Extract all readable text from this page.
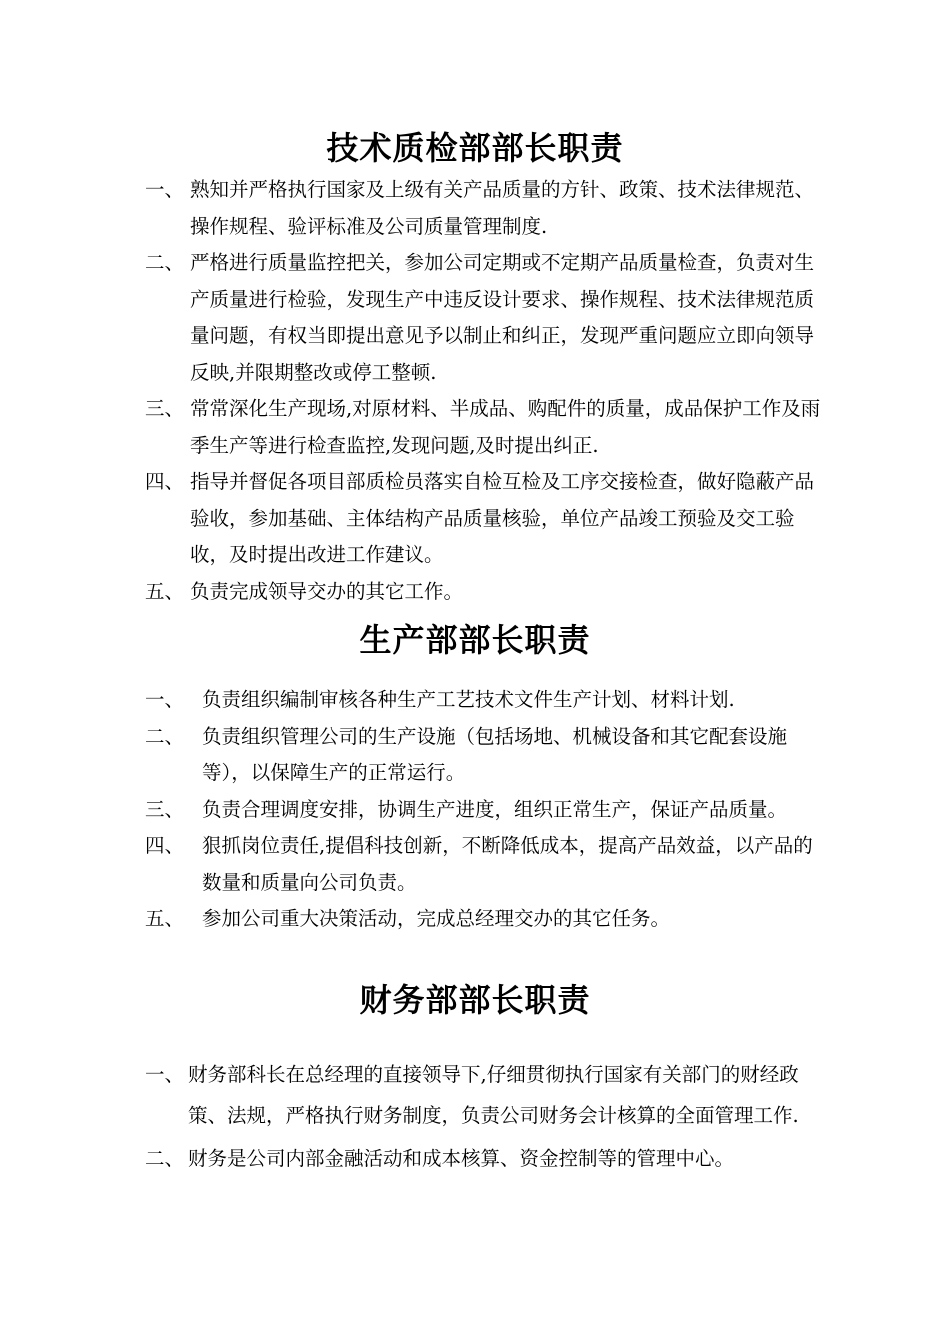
技术质检部部长职责
一、 熟知并严格执行国家及上级有关产品质量的方针、政策、技术法律规范、操作规程、验评标准及公司质量管理制度.
二、 严格进行质量监控把关，参加公司定期或不定期产品质量检查，负责对生产质量进行检验，发现生产中违反设计要求、操作规程、技术法律规范质量问题，有权当即提出意见予以制止和纠正，发现严重问题应立即向领导反映,并限期整改或停工整顿.
三、 常常深化生产现场,对原材料、半成品、购配件的质量，成品保护工作及雨季生产等进行检查监控,发现问题,及时提出纠正.
四、 指导并督促各项目部质检员落实自检互检及工序交接检查，做好隐蔽产品验收，参加基础、主体结构产品质量核验，单位产品竣工预验及交工验收，及时提出改进工作建议。
五、 负责完成领导交办的其它工作。
生产部部长职责
一、 负责组织编制审核各种生产工艺技术文件生产计划、材料计划.
二、 负责组织管理公司的生产设施（包括场地、机械设备和其它配套设施等），以保障生产的正常运行。
三、 负责合理调度安排，协调生产进度，组织正常生产，保证产品质量。
四、 狠抓岗位责任,提倡科技创新，不断降低成本，提高产品效益，以产品的数量和质量向公司负责。
五、 参加公司重大决策活动，完成总经理交办的其它任务。
财务部部长职责
一、 财务部科长在总经理的直接领导下,仔细贯彻执行国家有关部门的财经政策、法规，严格执行财务制度，负责公司财务会计核算的全面管理工作.
二、 财务是公司内部金融活动和成本核算、资金控制等的管理中心。
